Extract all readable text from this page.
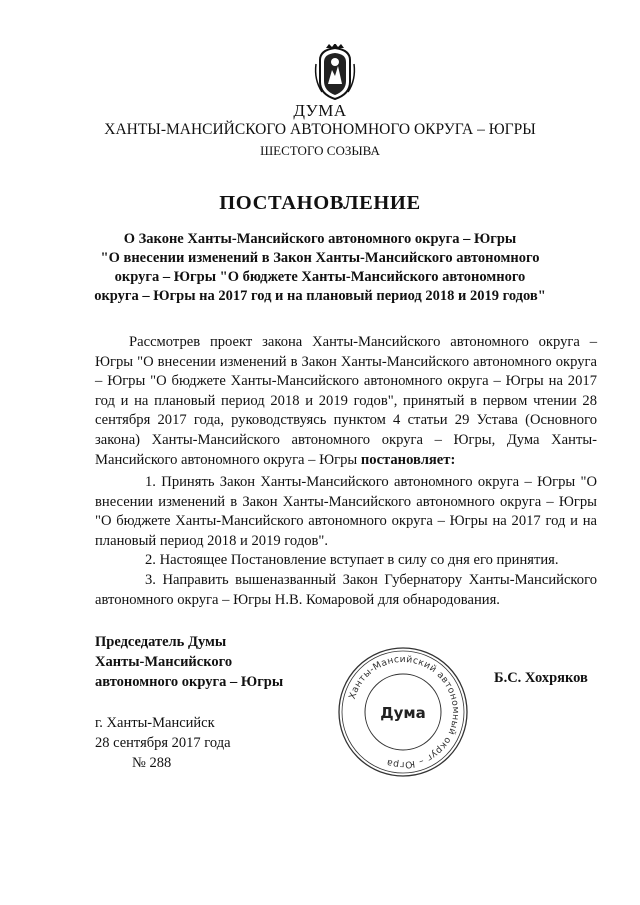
ДУМА
ХАНТЫ-МАНСИЙСКОГО АВТОНОМНОГО ОКРУГА – ЮГРЫ
ШЕСТОГО СОЗЫВА
ПОСТАНОВЛЕНИЕ
О Законе Ханты-Мансийского автономного округа – Югры
"О внесении изменений в Закон Ханты-Мансийского автономного
округа – Югры "О бюджете Ханты-Мансийского автономного
округа – Югры на 2017 год и на плановый период 2018 и 2019 годов"

Рассмотрев проект закона Ханты-Мансийского автономного округа – Югры "О внесении изменений в Закон Ханты-Мансийского автономного округа – Югры "О бюджете Ханты-Мансийского автономного округа – Югры на 2017 год и на плановый период 2018 и 2019 годов", принятый в первом чтении 28 сентября 2017 года, руководствуясь пунктом 4 статьи 29 Устава (Основного закона) Ханты-Мансийского автономного округа – Югры, Дума Ханты-Мансийского автономного округа – Югры постановляет:

1. Принять Закон Ханты-Мансийского автономного округа – Югры "О внесении изменений в Закон Ханты-Мансийского автономного округа – Югры "О бюджете Ханты-Мансийского автономного округа – Югры на 2017 год и на плановый период 2018 и 2019 годов".

2. Настоящее Постановление вступает в силу со дня его принятия.

3. Направить вышеназванный Закон Губернатору Ханты-Мансийского автономного округа – Югры Н.В. Комаровой для обнародования.

Председатель Думы
Ханты-Мансийского
автономного округа – Югры	Б.С. Хохряков
Ханты-Мансийский автономный округ – Югра
Дума
г. Ханты-Мансийск
28 сентября 2017 года
№ 288
